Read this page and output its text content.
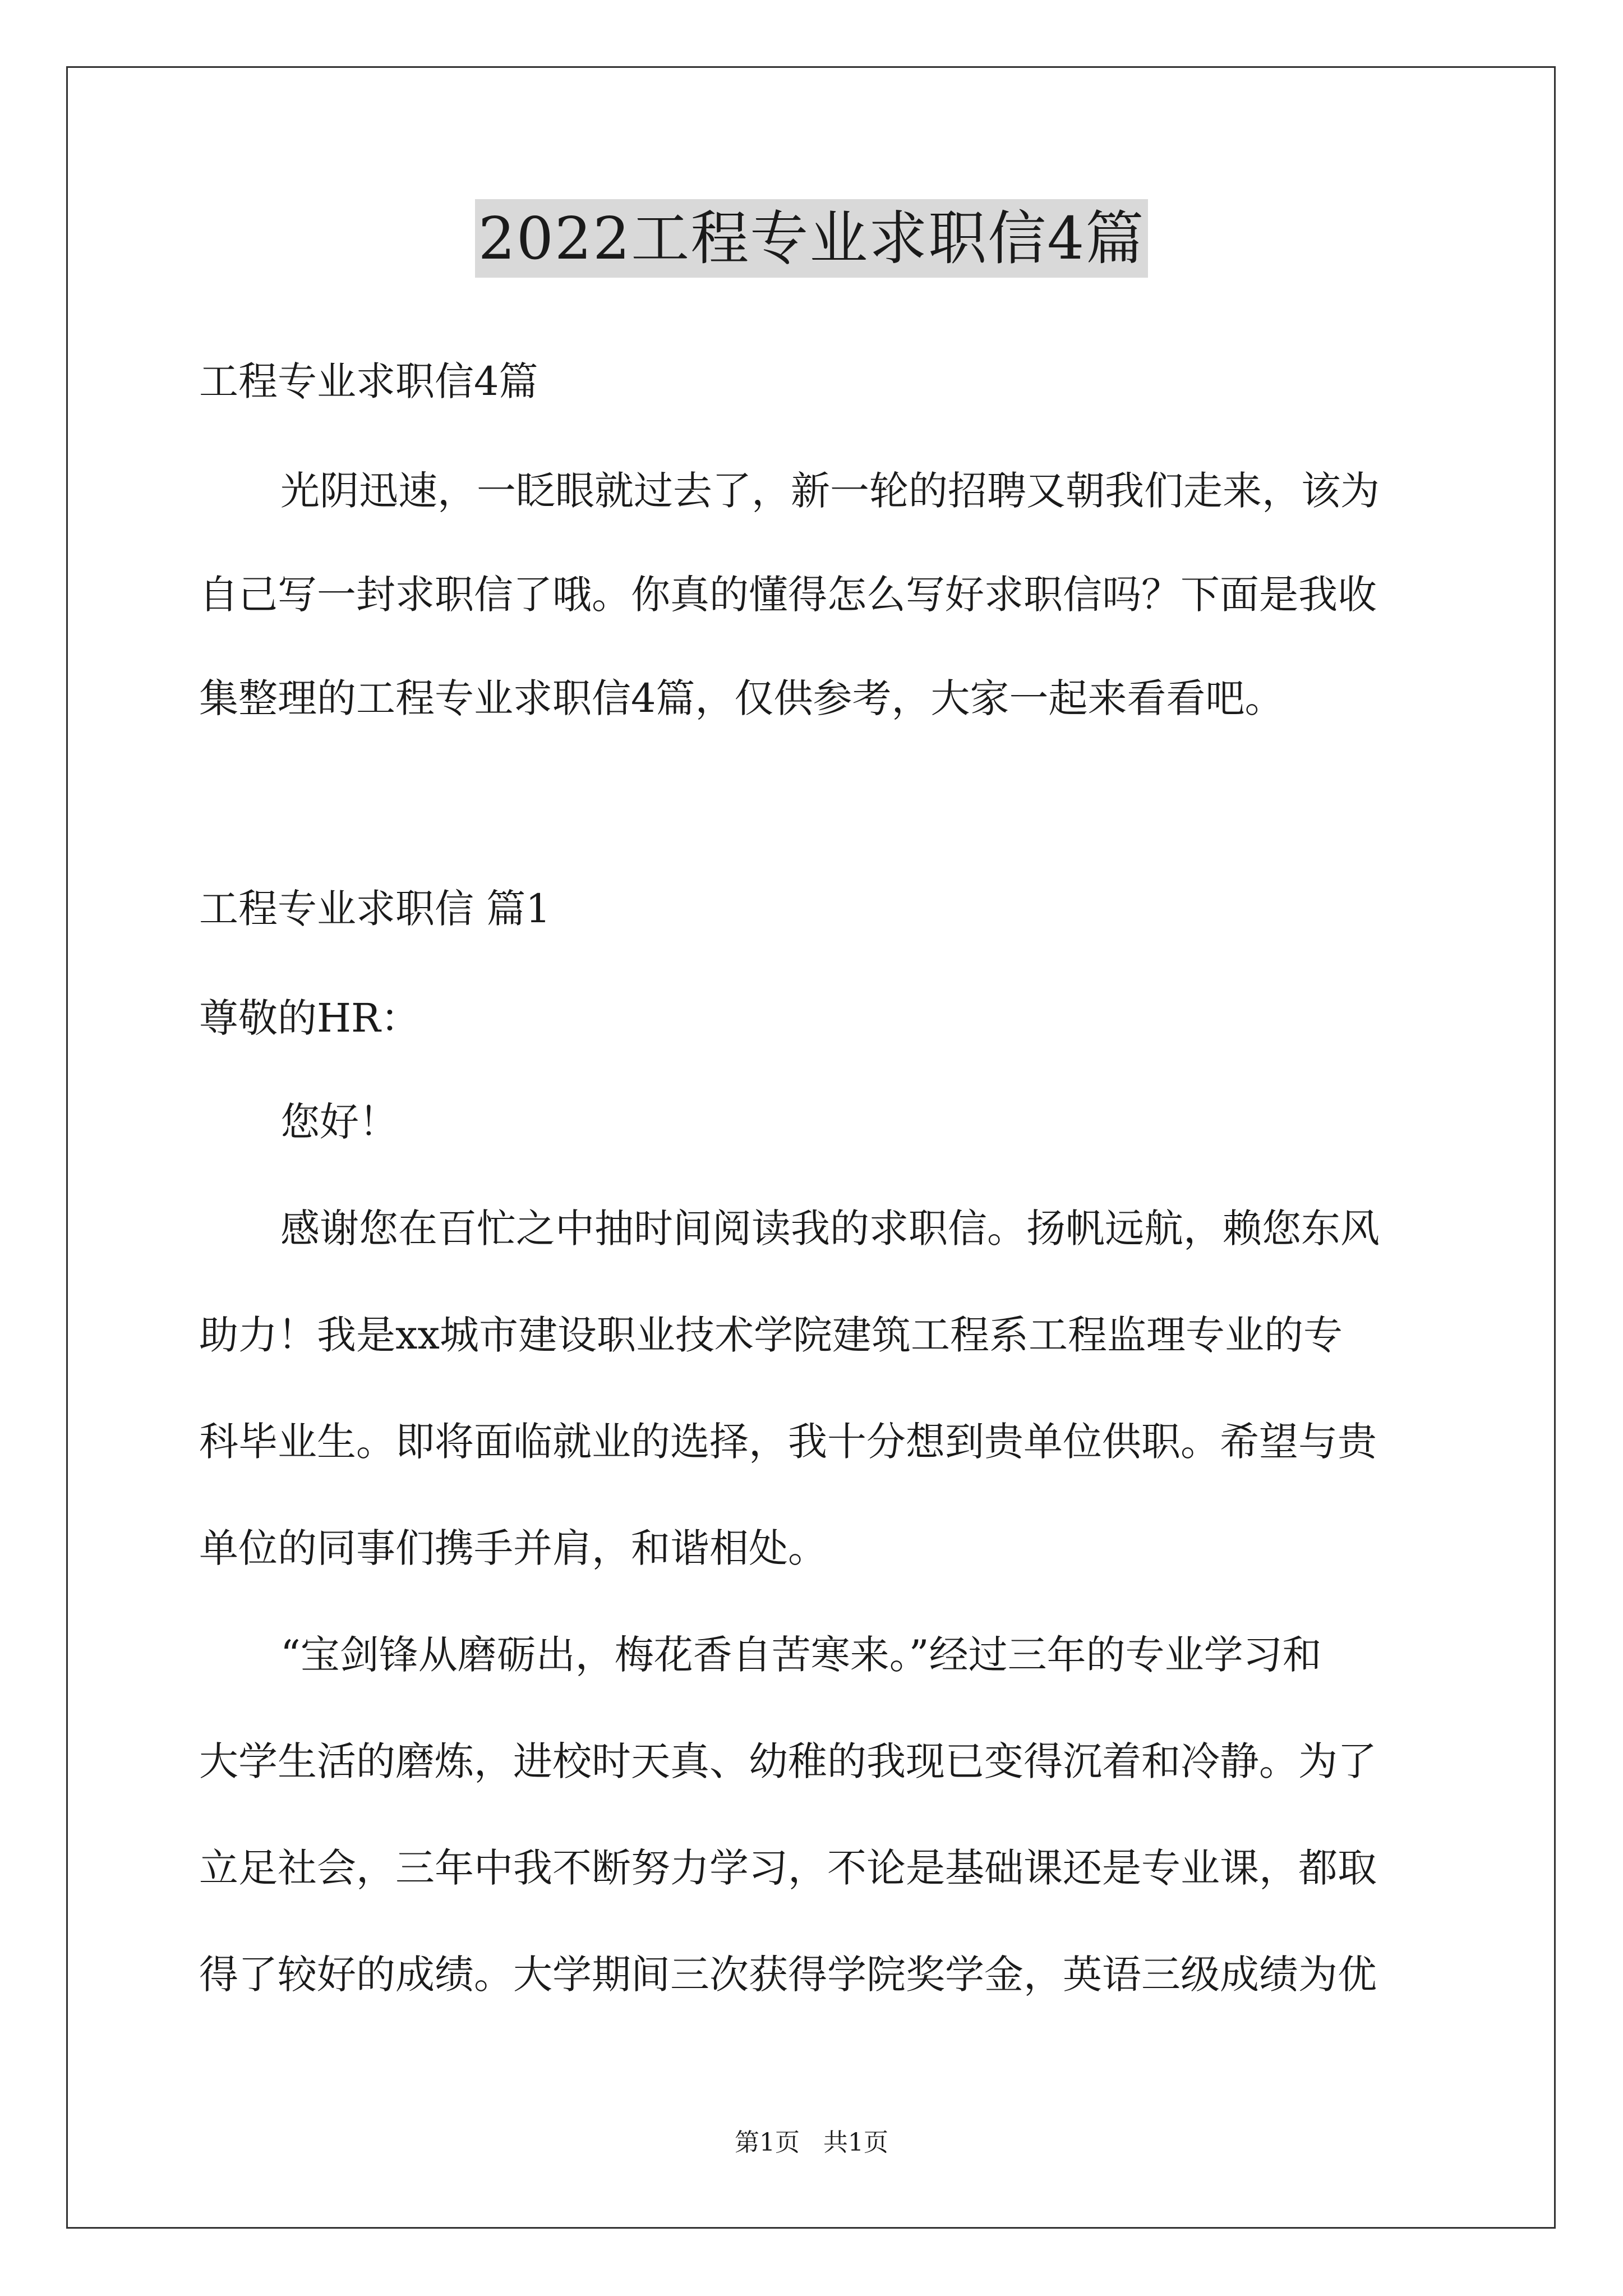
2022工程专业求职信4篇
工程专业求职信4篇
光阴迅速，一眨眼就过去了，新一轮的招聘又朝我们走来，该为
自己写一封求职信了哦。你真的懂得怎么写好求职信吗？下面是我收
集整理的工程专业求职信4篇，仅供参考，大家一起来看看吧。
工程专业求职信 篇1
尊敬的HR：
您好！
感谢您在百忙之中抽时间阅读我的求职信。扬帆远航，赖您东风
助力！我是xx城市建设职业技术学院建筑工程系工程监理专业的专
科毕业生。即将面临就业的选择，我十分想到贵单位供职。希望与贵
单位的同事们携手并肩，和谐相处。
“宝剑锋从磨砺出，梅花香自苦寒来。”经过三年的专业学习和
大学生活的磨炼，进校时天真、幼稚的我现已变得沉着和冷静。为了
立足社会，三年中我不断努力学习，不论是基础课还是专业课，都取
得了较好的成绩。大学期间三次获得学院奖学金，英语三级成绩为优
第1页   共1页
